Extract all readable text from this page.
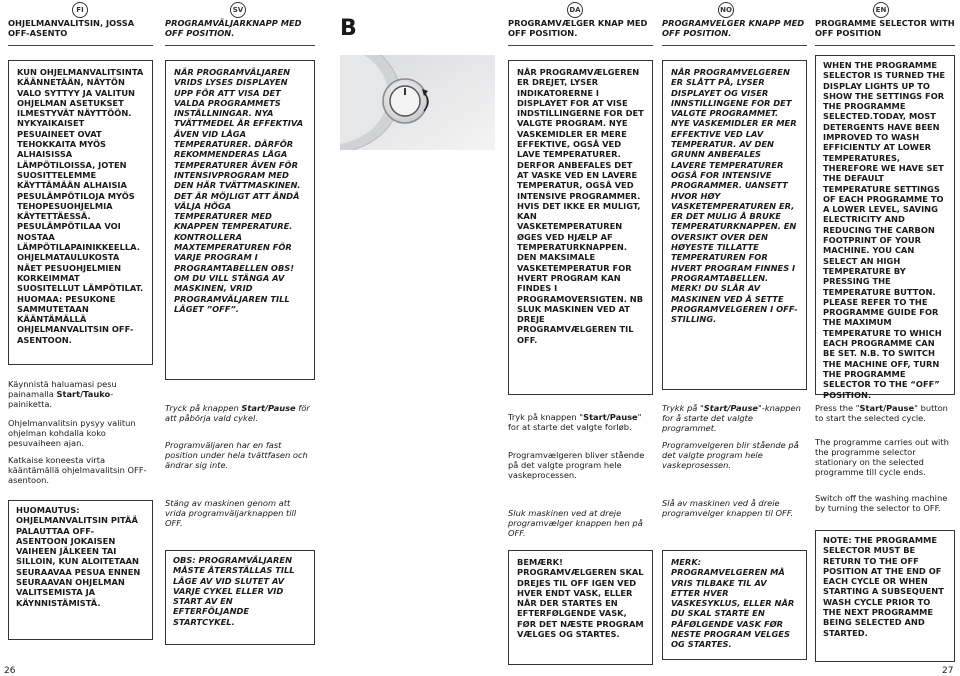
FI	SV	DA	NO	EN
B
OHJELMANVALITSIN, JOSSA OFF-ASENTO
PROGRAMVÄLJARKNAPP MED OFF POSITION.
PROGRAMVÆLGER KNAP MED OFF POSITION.
PROGRAMVELGER KNAPP MED OFF POSITION.
PROGRAMME SELECTOR WITH OFF POSITION
KUN OHJELMANVALITSINTA KÄÄNNETÄÄN, NÄYTÖN VALO SYTTYY JA VALITUN OHJELMAN ASETUKSET ILMESTYVÄT NÄYTTÖÖN. NYKYAIKAISET PESUAINEET OVAT TEHOKKAITA MYÖS ALHAISISSA LÄMPÖTILOISSA, JOTEN SUOSITTELEMME KÄYTTÄMÄÄN ALHAISIA PESULÄMPÖTILOJA MYÖS TEHOPESUOHJELMIA KÄYTETTÄESSÄ. PESULÄMPÖTILAA VOI NOSTAA LÄMPÖTILAPAINIKKEELLA. OHJELMATAULUKOSTA NÄET PESUOHJELMIEN KORKEIMMAT SUOSITELLUT LÄMPÖTILAT. HUOMAA: PESUKONE SAMMUTETAAN KÄÄNTÄMÄLLÄ OHJELMANVALITSIN OFF-ASENTOON.
Käynnistä haluamasi pesu painamalla Start/Tauko-painiketta.
Ohjelmanvalitsin pysyy valitun ohjelman kohdalla koko pesuvaiheen ajan.
Katkaise koneesta virta kääntämällä ohjelmavalitsin OFF-asentoon.
HUOMAUTUS: OHJELMANVALITSIN PITÄÄ PALAUTTAA OFF-ASENTOON JOKAISEN VAIHEEN JÄLKEEN TAI SILLOIN, KUN ALOITETAAN SEURAAVAA PESUA ENNEN SEURAAVAN OHJELMAN VALITSEMISTA JA KÄYNNISTÄMISTÄ.
NÄR PROGRAMVÄLJAREN VRIDS LYSES DISPLAYEN UPP FÖR ATT VISA DET VALDA PROGRAMMETS INSTÄLLNINGAR. NYA TVÄTTMEDEL ÄR EFFEKTIVA ÄVEN VID LÅGA TEMPERATURER. DÄRFÖR REKOMMENDERAS LÅGA TEMPERATURER ÄVEN FÖR INTENSIVPROGRAM MED DEN HÄR TVÄTTMASKINEN. DET ÄR MÖJLIGT ATT ÄNDÅ VÄLJA HÖGA TEMPERATURER MED KNAPPEN TEMPERATURE. KONTROLLERA MAXTEMPERATUREN FÖR VARJE PROGRAM I PROGRAMTABELLEN OBS! OM DU VILL STÄNGA AV MASKINEN, VRID PROGRAMVÄLJAREN TILL LÄGET ”OFF”.
Tryck på knappen Start/Pause för att påbörja vald cykel.
Programväljaren har en fast position under hela tvättfasen och ändrar sig inte.
Stäng av maskinen genom att vrida programväljarknappen till OFF.
OBS: PROGRAMVÄLJAREN MÅSTE ÅTERSTÄLLAS TILL LÄGE AV VID SLUTET AV VARJE CYKEL ELLER VID START AV EN EFTERFÖLJANDE STARTCYKEL.
NÅR PROGRAMVÆLGEREN ER DREJET, LYSER INDIKATORERNE I DISPLAYET FOR AT VISE INDSTILLINGERNE FOR DET VALGTE PROGRAM. NYE VASKEMIDLER ER MERE EFFEKTIVE, OGSÅ VED LAVE TEMPERATURER. DERFOR ANBEFALES DET AT VASKE VED EN LAVERE TEMPERATUR, OGSÅ VED INTENSIVE PROGRAMMER. HVIS DET IKKE ER MULIGT, KAN VASKETEMPERATUREN ØGES VED HJÆLP AF TEMPERATURKNAPPEN. DEN MAKSIMALE VASKETEMPERATUR FOR HVERT PROGRAM KAN FINDES I PROGRAMOVERSIGTEN. NB SLUK MASKINEN VED AT DREJE PROGRAMVÆLGEREN TIL OFF.
Tryk på knappen "Start/Pause" for at starte det valgte forløb.
Programvælgeren bliver stående på det valgte program hele vaskeprocessen.
Sluk maskinen ved at dreje programvælger knappen hen på OFF.
BEMÆRK! PROGRAMVÆLGEREN SKAL DREJES TIL OFF IGEN VED HVER ENDT VASK, ELLER NÅR DER STARTES EN EFTERFØLGENDE VASK, FØR DET NÆSTE PROGRAM VÆLGES OG STARTES.
NÅR PROGRAMVELGEREN ER SLÅTT PÅ, LYSER DISPLAYET OG VISER INNSTILLINGENE FOR DET VALGTE PROGRAMMET. NYE VASKEMIDLER ER MER EFFEKTIVE VED LAV TEMPERATUR. AV DEN GRUNN ANBEFALES LAVERE TEMPERATURER OGSÅ FOR INTENSIVE PROGRAMMER. UANSETT HVOR HØY VASKETEMPERATUREN ER, ER DET MULIG Å BRUKE TEMPERATURKNAPPEN. EN OVERSIKT OVER DEN HØYESTE TILLATTE TEMPERATUREN FOR HVERT PROGRAM FINNES I PROGRAMTABELLEN. MERK! DU SLÅR AV MASKINEN VED Å SETTE PROGRAMVELGEREN I OFF-STILLING.
Trykk på "Start/Pause"-knappen for å starte det valgte programmet.
Programvelgeren blir stående på det valgte program hele vaskeprosessen.
Slå av maskinen ved å dreie programvelger knappen til OFF.
MERK: PROGRAMVELGEREN MÅ VRIS TILBAKE TIL AV ETTER HVER VASKESYKLUS, ELLER NÅR DU SKAL STARTE EN PÅFØLGENDE VASK FØR NESTE PROGRAM VELGES OG STARTES.
WHEN THE PROGRAMME SELECTOR IS TURNED THE DISPLAY LIGHTS UP TO SHOW THE SETTINGS FOR THE PROGRAMME SELECTED.TODAY, MOST DETERGENTS HAVE BEEN IMPROVED TO WASH EFFICIENTLY AT LOWER TEMPERATURES, THEREFORE WE HAVE SET THE DEFAULT TEMPERATURE SETTINGS OF EACH PROGRAMME TO A LOWER LEVEL, SAVING ELECTRICITY AND REDUCING THE CARBON FOOTPRINT OF YOUR MACHINE. YOU CAN SELECT AN HIGH TEMPERATURE BY PRESSING THE TEMPERATURE BUTTON. PLEASE REFER TO THE PROGRAMME GUIDE FOR THE MAXIMUM TEMPERATURE TO WHICH EACH PROGRAMME CAN BE SET. N.B. TO SWITCH THE MACHINE OFF, TURN THE PROGRAMME SELECTOR TO THE “OFF” POSITION.
Press the "Start/Pause" button to start the selected cycle.
The programme carries out with the programme selector stationary on the selected programme till cycle ends.
Switch off the washing machine by turning the selector to OFF.
NOTE: THE PROGRAMME SELECTOR MUST BE RETURN TO THE OFF POSITION AT THE END OF EACH CYCLE OR WHEN STARTING A SUBSEQUENT WASH CYCLE PRIOR TO THE NEXT PROGRAMME BEING SELECTED AND STARTED.
26	27
